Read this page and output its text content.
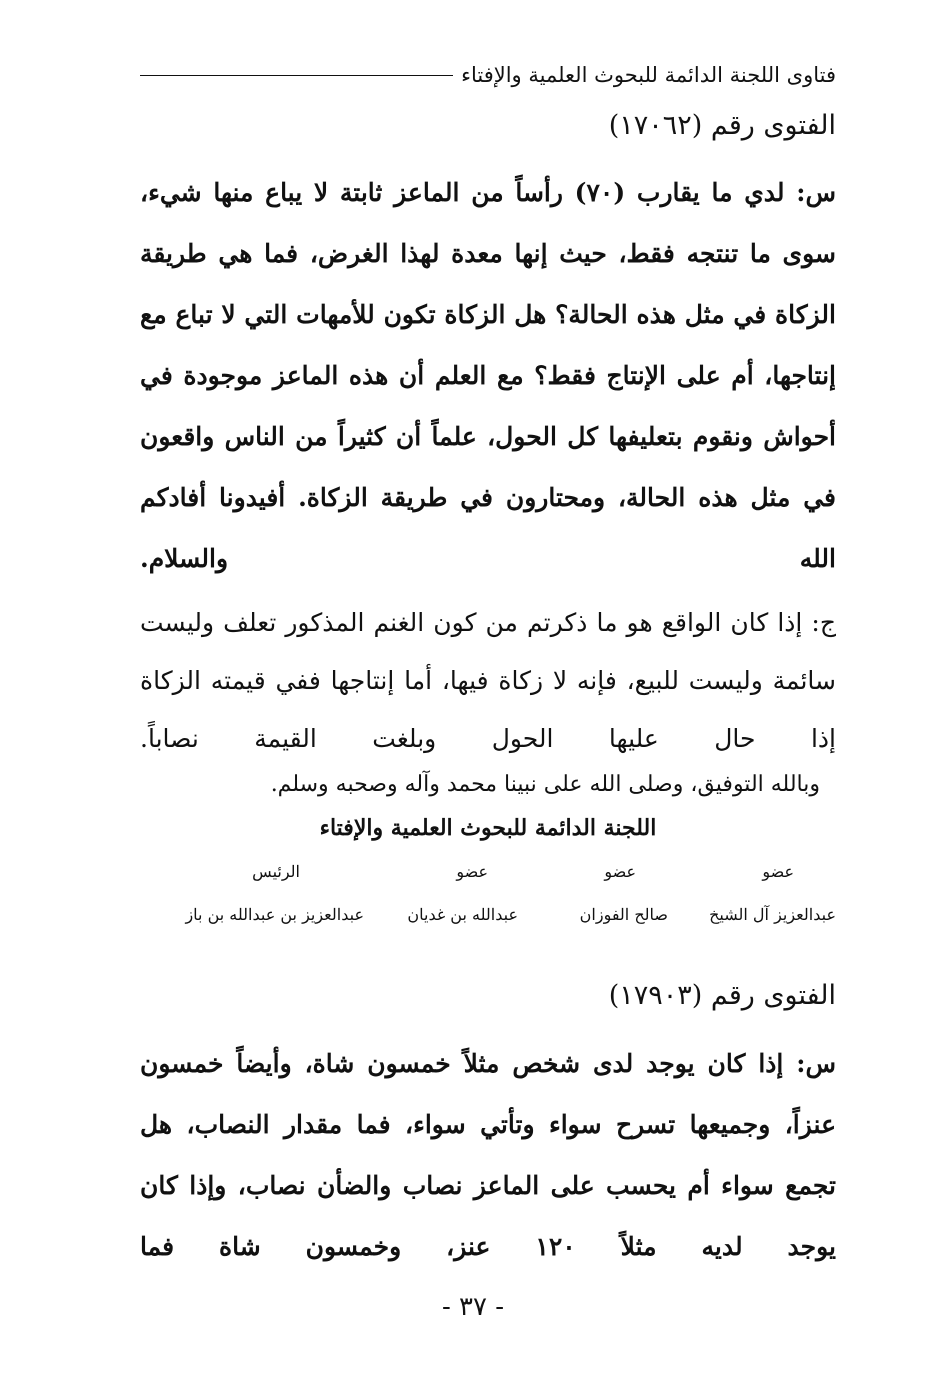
فتاوى اللجنة الدائمة للبحوث العلمية والإفتاء
الفتوى رقم (١٧٠٦٢)
س: لدي ما يقارب (٧٠) رأساً من الماعز ثابتة لا يباع منها شيء، سوى ما تنتجه فقط، حيث إنها معدة لهذا الغرض، فما هي طريقة الزكاة في مثل هذه الحالة؟ هل الزكاة تكون للأمهات التي لا تباع مع إنتاجها، أم على الإنتاج فقط؟ مع العلم أن هذه الماعز موجودة في أحواش ونقوم بتعليفها كل الحول، علماً أن كثيراً من الناس واقعون في مثل هذه الحالة، ومحتارون في طريقة الزكاة. أفيدونا أفادكم الله والسلام.
ج: إذا كان الواقع هو ما ذكرتم من كون الغنم المذكور تعلف وليست سائمة وليست للبيع، فإنه لا زكاة فيها، أما إنتاجها ففي قيمته الزكاة إذا حال عليها الحول وبلغت القيمة نصاباً.
وبالله التوفيق، وصلى الله على نبينا محمد وآله وصحبه وسلم.
اللجنة الدائمة للبحوث العلمية والإفتاء
عضو
عضو
عضو
الرئيس
عبدالعزيز آل الشيخ
صالح الفوزان
عبدالله بن غديان
عبدالعزيز بن عبدالله بن باز
الفتوى رقم (١٧٩٠٣)
س: إذا كان يوجد لدى شخص مثلاً خمسون شاة، وأيضاً خمسون عنزاً، وجميعها تسرح سواء وتأتي سواء، فما مقدار النصاب، هل تجمع سواء أم يحسب على الماعز نصاب والضأن نصاب، وإذا كان يوجد لديه مثلاً ١٢٠ عنز، وخمسون شاة فما
- ٣٧ -
